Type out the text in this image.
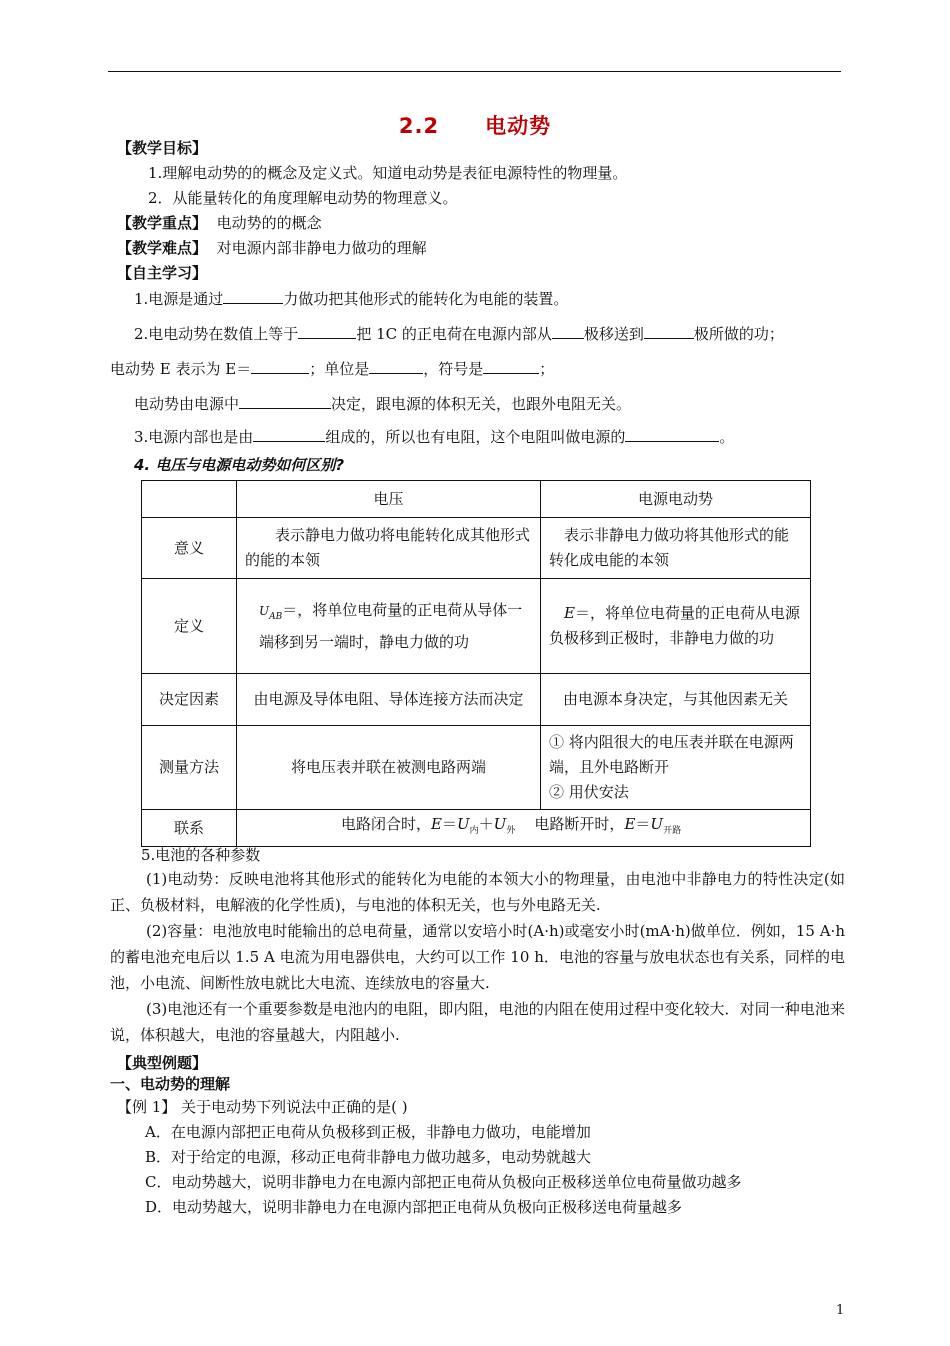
2.2 电动势
【教学目标】
1.理解电动势的的概念及定义式。知道电动势是表征电源特性的物理量。
2．从能量转化的角度理解电动势的物理意义。
【教学重点】 电动势的的概念
【教学难点】 对电源内部非静电力做功的理解
【自主学习】
1.电源是通过	力做功把其他形式的能转化为电能的装置。
2.电电动势在数值上等于	把 1C 的正电荷在电源内部从 极移送到	极所做的功；
电动势 E 表示为 E＝	；单位是	，符号是	；
电动势由电源中	决定，跟电源的体积无关，也跟外电阻无关。
3.电源内部也是由	组成的，所以也有电阻，这个电阻叫做电源的	。
4. 电压与电源电动势如何区别?
	电压	电源电动势
意义	表示静电力做功将电能转化成其他形式的能的本领	表示非静电力做功将其他形式的能转化成电能的本领
定义	$U_{AB}=$，将单位电荷量的正电荷从导体一端移到另一端时，静电力做的功	E＝，将单位电荷量的正电荷从电源负极移到正极时，非静电力做的功
决定因素	由电源及导体电阻、导体连接方法而决定	由电源本身决定，与其他因素无关
测量方法	将电压表并联在被测电路两端	① 将内阻很大的电压表并联在电源两端，且外电路断开
② 用伏安法

联系	电路闭合时，$E=U_内+U_外$ 电路断开时，$E=U_{开路}$
5.电池的各种参数
(1)电动势：反映电池将其他形式的能转化为电能的本领大小的物理量，由电池中非静电力的特性决定(如正、负极材料，电解液的化学性质)，与电池的体积无关，也与外电路无关.
(2)容量：电池放电时能输出的总电荷量，通常以安培小时(A·h)或毫安小时(mA·h)做单位．例如，15 A·h 的蓄电池充电后以 1.5 A 电流为用电器供电，大约可以工作 10 h．电池的容量与放电状态也有关系，同样的电池，小电流、间断性放电就比大电流、连续放电的容量大.
(3)电池还有一个重要参数是电池内的电阻，即内阻，电池的内阻在使用过程中变化较大．对同一种电池来说，体积越大，电池的容量越大，内阻越小.
【典型例题】
一、电动势的理解
【例 1】 关于电动势下列说法中正确的是( )
A．在电源内部把正电荷从负极移到正极，非静电力做功，电能增加
B．对于给定的电源，移动正电荷非静电力做功越多，电动势就越大
C．电动势越大，说明非静电力在电源内部把正电荷从负极向正极移送单位电荷量做功越多
D．电动势越大，说明非静电力在电源内部把正电荷从负极向正极移送电荷量越多
1
